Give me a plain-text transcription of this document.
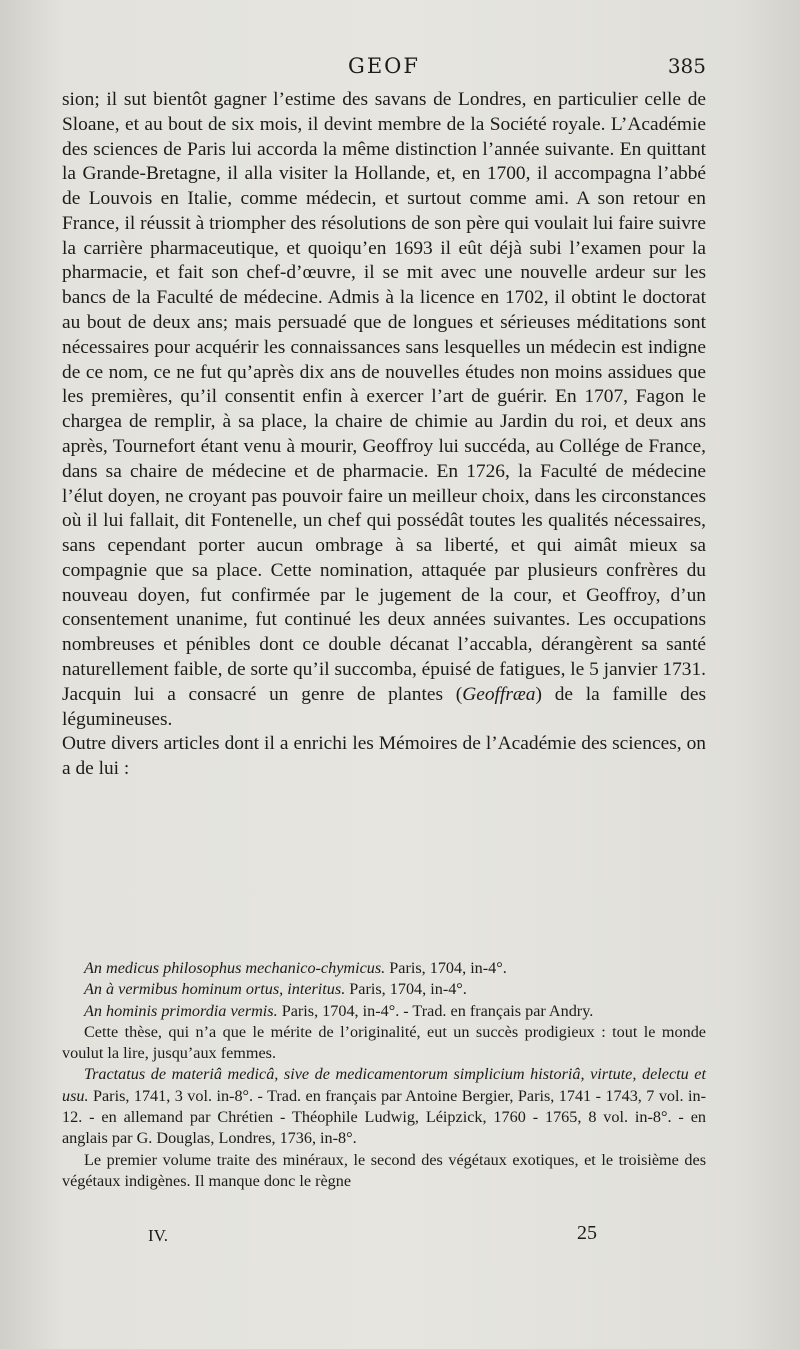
GEOF	385

sion; il sut bientôt gagner l’estime des savans de Londres, en particulier celle de Sloane, et au bout de six mois, il devint membre de la Société royale. L’Académie des sciences de Paris lui accorda la même distinction l’année suivante. En quittant la Grande-Bretagne, il alla visiter la Hollande, et, en 1700, il accompagna l’abbé de Louvois en Italie, comme médecin, et surtout comme ami. A son retour en France, il réussit à triompher des résolutions de son père qui voulait lui faire suivre la carrière pharmaceutique, et quoiqu’en 1693 il eût déjà subi l’examen pour la pharmacie, et fait son chef-d’œuvre, il se mit avec une nouvelle ardeur sur les bancs de la Faculté de médecine. Admis à la licence en 1702, il obtint le doctorat au bout de deux ans; mais persuadé que de longues et sérieuses méditations sont nécessaires pour acquérir les connaissances sans lesquelles un médecin est indigne de ce nom, ce ne fut qu’après dix ans de nouvelles études non moins assidues que les premières, qu’il consentit enfin à exercer l’art de guérir. En 1707, Fagon le chargea de remplir, à sa place, la chaire de chimie au Jardin du roi, et deux ans après, Tournefort étant venu à mourir, Geoffroy lui succéda, au Collége de France, dans sa chaire de médecine et de pharmacie. En 1726, la Faculté de médecine l’élut doyen, ne croyant pas pouvoir faire un meilleur choix, dans les circonstances où il lui fallait, dit Fontenelle, un chef qui possédât toutes les qualités nécessaires, sans cependant porter aucun ombrage à sa liberté, et qui aimât mieux sa compagnie que sa place. Cette nomination, attaquée par plusieurs confrères du nouveau doyen, fut confirmée par le jugement de la cour, et Geoffroy, d’un consentement unanime, fut continué les deux années suivantes. Les occupations nombreuses et pénibles dont ce double décanat l’accabla, dérangèrent sa santé naturellement faible, de sorte qu’il succomba, épuisé de fatigues, le 5 janvier 1731. Jacquin lui a consacré un genre de plantes (Geoffræa) de la famille des légumineuses.

Outre divers articles dont il a enrichi les Mémoires de l’Académie des sciences, on a de lui :

An medicus philosophus mechanico-chymicus. Paris, 1704, in-4°.

An à vermibus hominum ortus, interitus. Paris, 1704, in-4°.

An hominis primordia vermis. Paris, 1704, in-4°. - Trad. en français par Andry.

Cette thèse, qui n’a que le mérite de l’originalité, eut un succès prodigieux : tout le monde voulut la lire, jusqu’aux femmes.

Tractatus de materiâ medicâ, sive de medicamentorum simplicium historiâ, virtute, delectu et usu. Paris, 1741, 3 vol. in-8°. - Trad. en français par Antoine Bergier, Paris, 1741 - 1743, 7 vol. in-12. - en allemand par Chrétien - Théophile Ludwig, Léipzick, 1760 - 1765, 8 vol. in-8°. - en anglais par G. Douglas, Londres, 1736, in-8°.

Le premier volume traite des minéraux, le second des végétaux exotiques, et le troisième des végétaux indigènes. Il manque donc le règne

IV.	25
